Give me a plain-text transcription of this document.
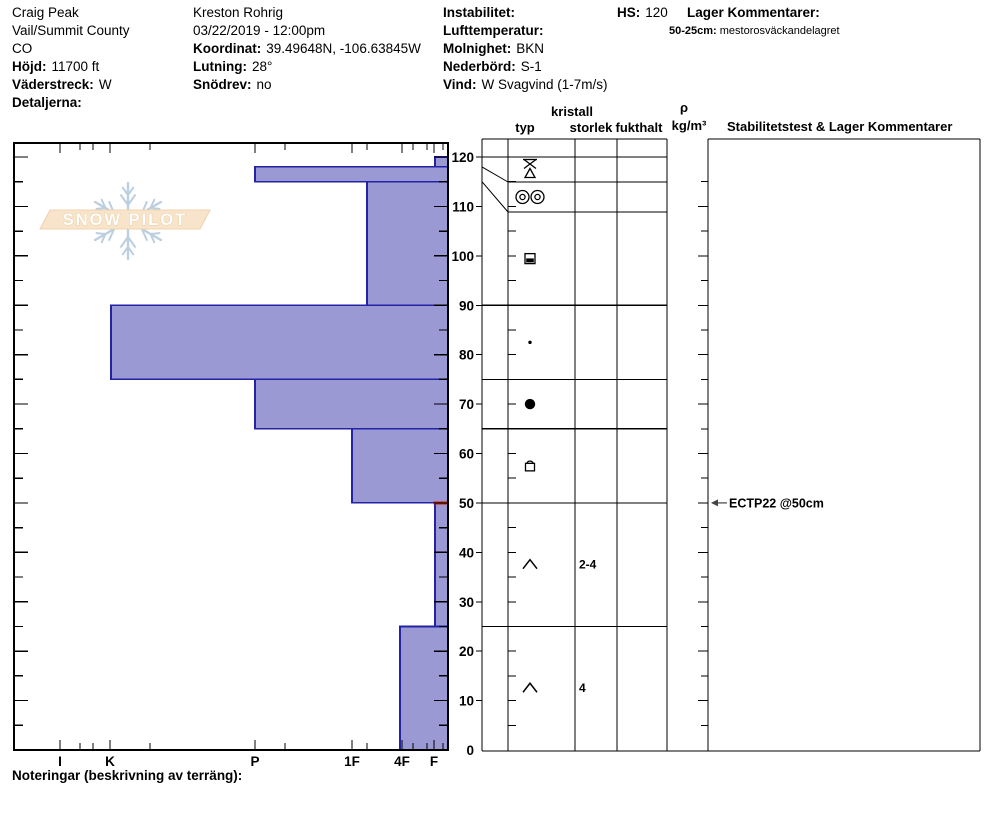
Craig Peak
Vail/Summit County
CO
Höjd: 11700 ft
Väderstreck: W
Detaljerna:
Kreston Rohrig
03/22/2019 - 12:00pm
Koordinat: 39.49648N, -106.63845W
Lutning: 28°
Snödrev: no
Instabilitet:
Lufttemperatur:
Molnighet: BKN
Nederbörd: S-1
Vind: W Svagvind (1-7m/s)
HS: 120 Lager Kommentarer:
50-25cm: mestorosväckandelagret
kristall
typ	storlek fukthalt
ρ
kg/m³ Stabilitetstest & Lager Kommentarer
SNOW PILOT
0
10
20
30
40
50
60
70
80
90
100
110
120
I	K	P	1F	4F F
2-4
4
ECTP22 @50cm
Noteringar (beskrivning av terräng):
